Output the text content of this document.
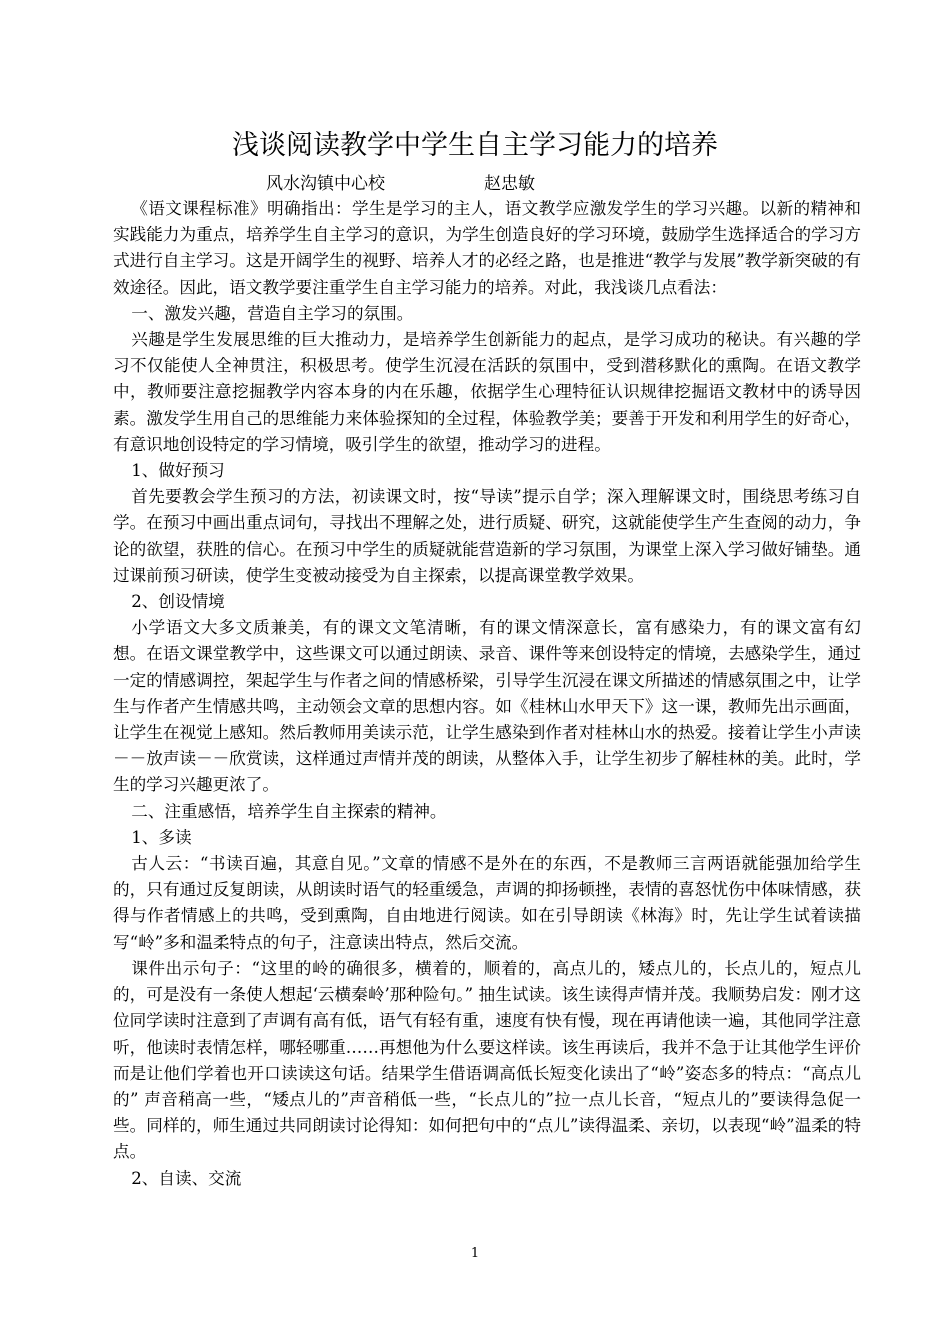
浅谈阅读教学中学生自主学习能力的培养
风水沟镇中心校	赵忠敏

《语文课程标准》明确指出：学生是学习的主人，语文教学应激发学生的学习兴趣。以新的精神和实践能力为重点，培养学生自主学习的意识，为学生创造良好的学习环境，鼓励学生选择适合的学习方式进行自主学习。这是开阔学生的视野、培养人才的必经之路，也是推进“教学与发展”教学新突破的有效途径。因此，语文教学要注重学生自主学习能力的培养。对此，我浅谈几点看法：

一、激发兴趣，营造自主学习的氛围。

兴趣是学生发展思维的巨大推动力，是培养学生创新能力的起点，是学习成功的秘诀。有兴趣的学习不仅能使人全神贯注，积极思考。使学生沉浸在活跃的氛围中，受到潜移默化的熏陶。在语文教学中，教师要注意挖掘教学内容本身的内在乐趣，依据学生心理特征认识规律挖掘语文教材中的诱导因素。激发学生用自己的思维能力来体验探知的全过程，体验教学美；要善于开发和利用学生的好奇心，有意识地创设特定的学习情境，吸引学生的欲望，推动学习的进程。

1、做好预习

首先要教会学生预习的方法，初读课文时，按“导读”提示自学；深入理解课文时，围绕思考练习自学。在预习中画出重点词句，寻找出不理解之处，进行质疑、研究，这就能使学生产生查阅的动力，争论的欲望，获胜的信心。在预习中学生的质疑就能营造新的学习氛围，为课堂上深入学习做好铺垫。通过课前预习研读，使学生变被动接受为自主探索，以提高课堂教学效果。

2、创设情境

小学语文大多文质兼美，有的课文文笔清晰，有的课文情深意长，富有感染力，有的课文富有幻想。在语文课堂教学中，这些课文可以通过朗读、录音、课件等来创设特定的情境，去感染学生，通过一定的情感调控，架起学生与作者之间的情感桥梁，引导学生沉浸在课文所描述的情感氛围之中，让学生与作者产生情感共鸣，主动领会文章的思想内容。如《桂林山水甲天下》这一课，教师先出示画面，让学生在视觉上感知。然后教师用美读示范，让学生感染到作者对桂林山水的热爱。接着让学生小声读－－放声读－－欣赏读，这样通过声情并茂的朗读，从整体入手，让学生初步了解桂林的美。此时，学生的学习兴趣更浓了。

二、注重感悟，培养学生自主探索的精神。

1、多读

古人云：“书读百遍，其意自见。”文章的情感不是外在的东西，不是教师三言两语就能强加给学生的，只有通过反复朗读，从朗读时语气的轻重缓急，声调的抑扬顿挫，表情的喜怒忧伤中体味情感，获得与作者情感上的共鸣，受到熏陶，自由地进行阅读。如在引导朗读《林海》时，先让学生试着读描写“岭”多和温柔特点的句子，注意读出特点，然后交流。

课件出示句子：“这里的岭的确很多，横着的，顺着的，高点儿的，矮点儿的，长点儿的，短点儿的，可是没有一条使人想起‘云横秦岭’那种险句。” 抽生试读。该生读得声情并茂。我顺势启发：刚才这位同学读时注意到了声调有高有低，语气有轻有重，速度有快有慢，现在再请他读一遍，其他同学注意听，他读时表情怎样，哪轻哪重……再想他为什么要这样读。该生再读后，我并不急于让其他学生评价而是让他们学着也开口读读这句话。结果学生借语调高低长短变化读出了“岭”姿态多的特点：“高点儿的” 声音稍高一些，“矮点儿的”声音稍低一些，“长点儿的”拉一点儿长音，“短点儿的”要读得急促一些。同样的，师生通过共同朗读讨论得知：如何把句中的“点儿”读得温柔、亲切，以表现“岭”温柔的特点。

2、自读、交流

1
